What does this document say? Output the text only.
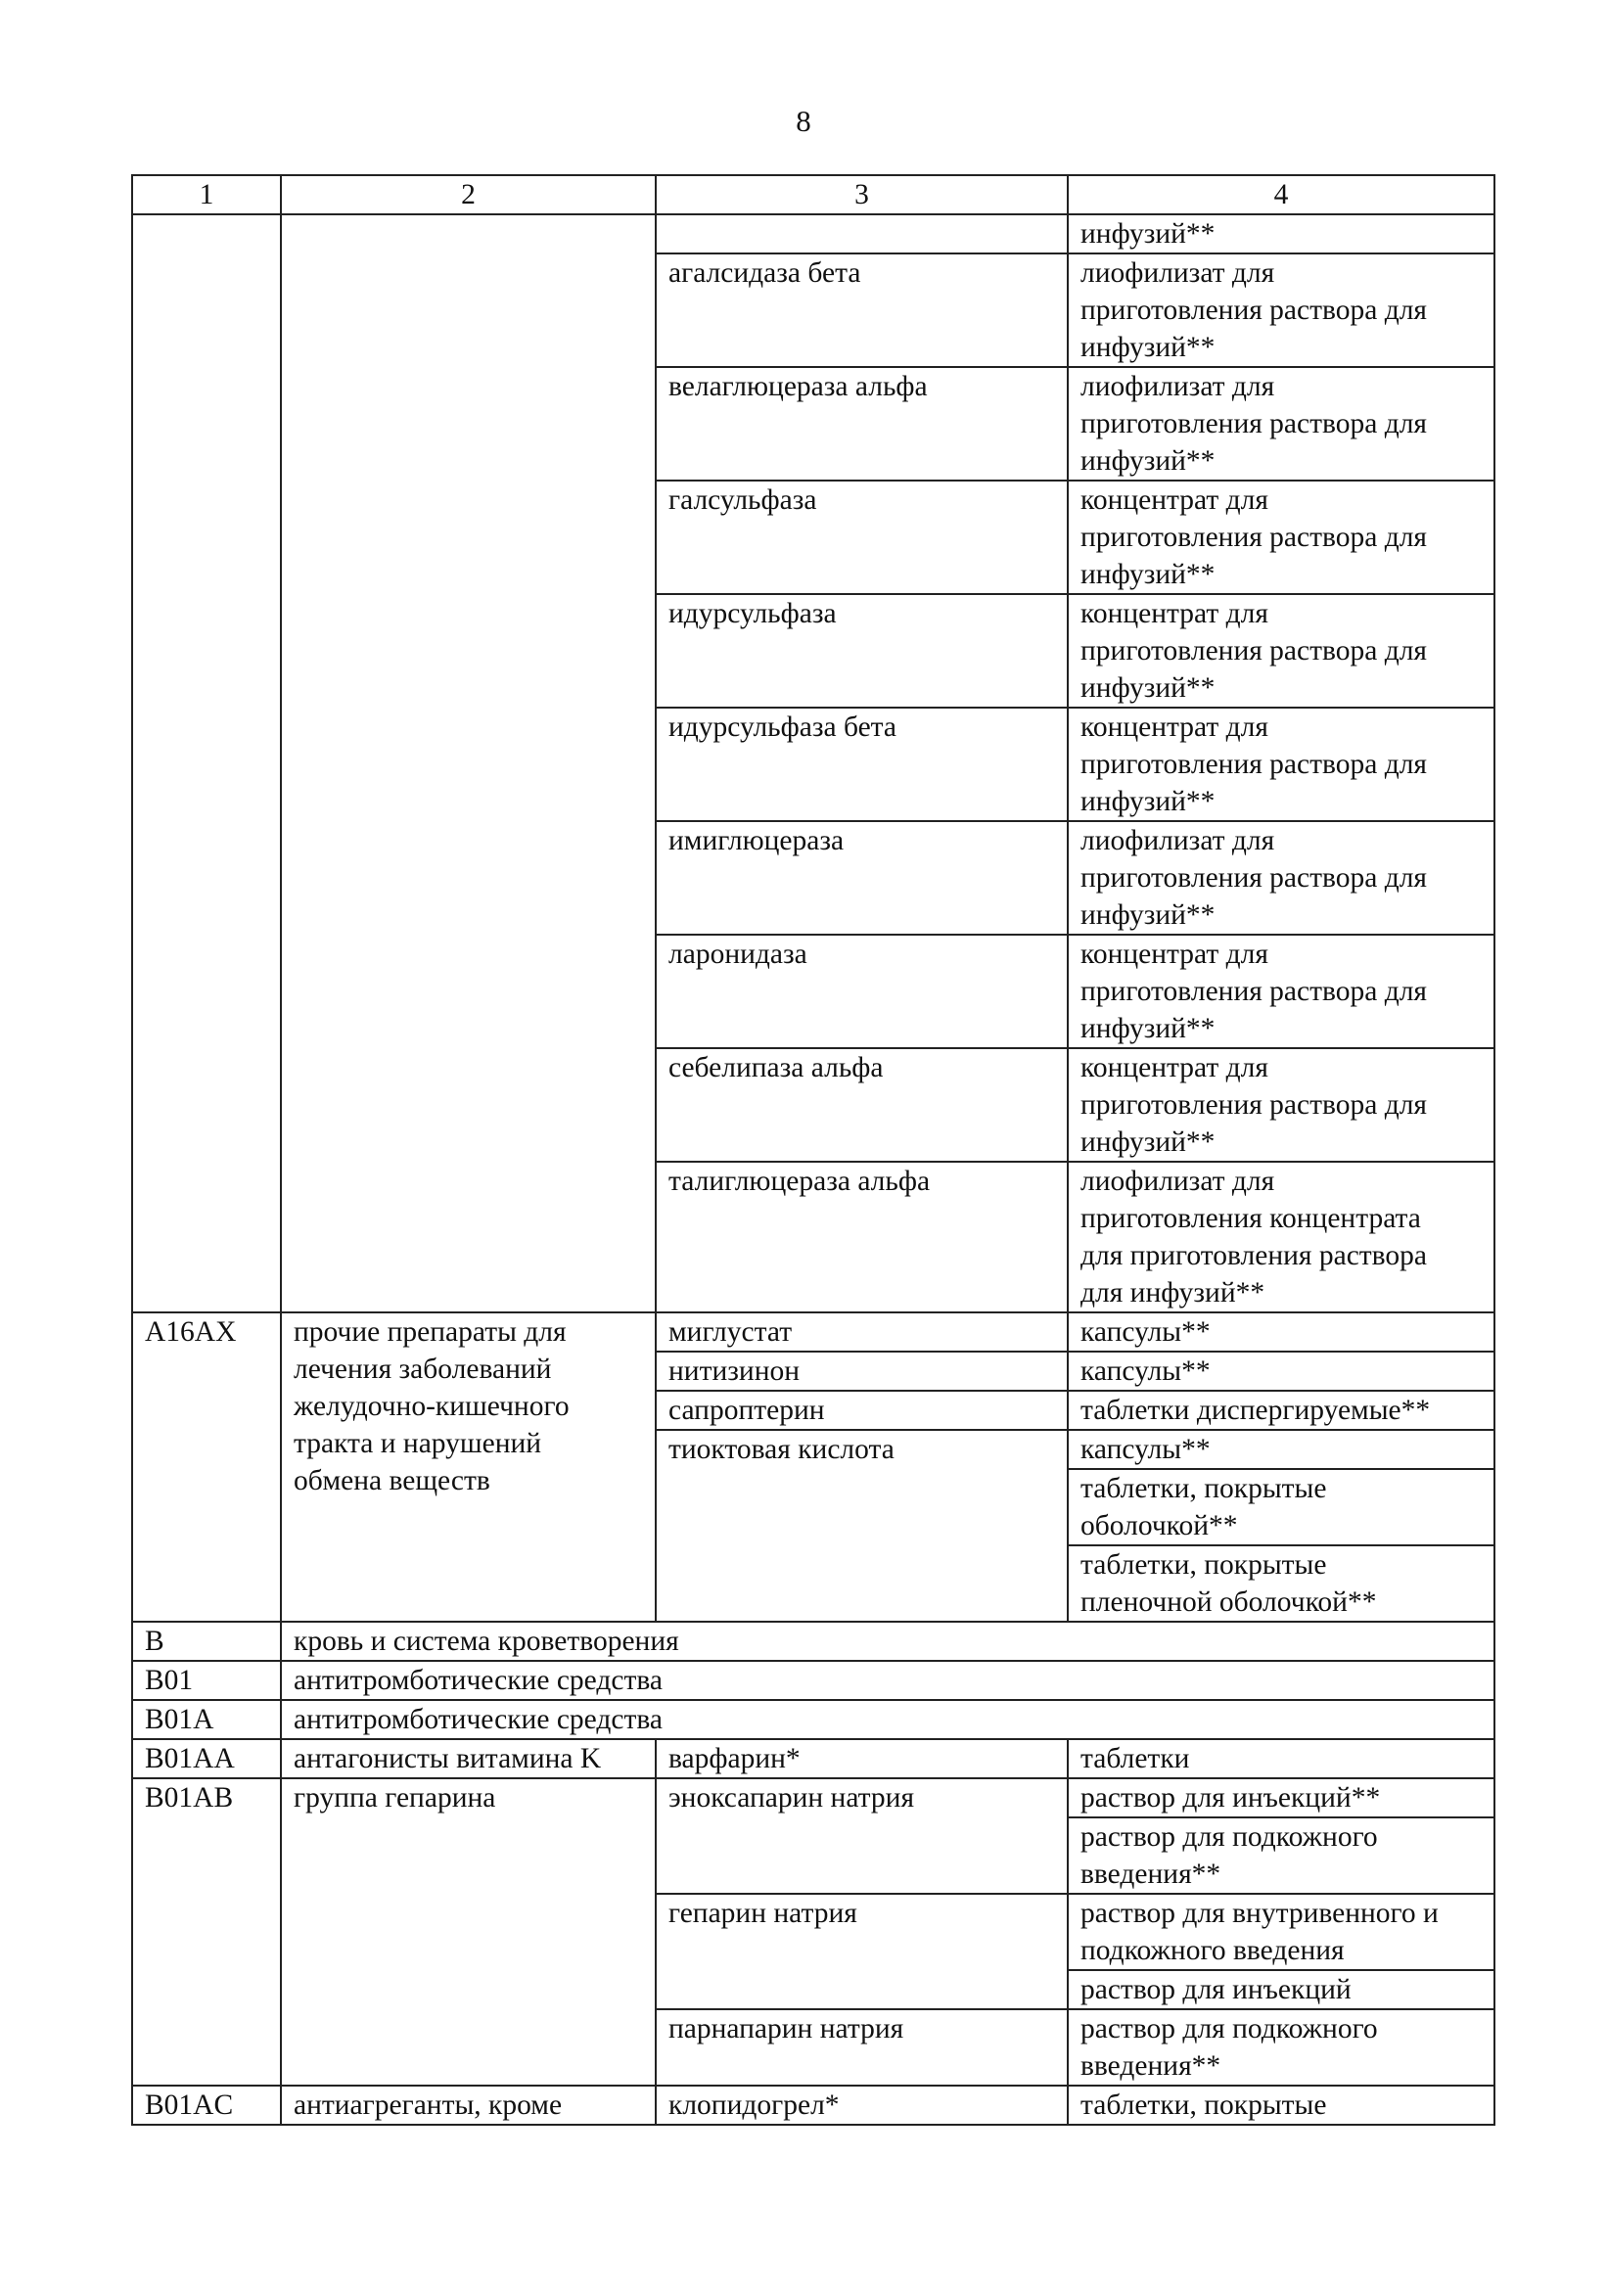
8
1	2	3	4
			инфузий**
		агалсидаза бета	лиофилизат для
приготовления раствора для
инфузий**
		велаглюцераза альфа	лиофилизат для
приготовления раствора для
инфузий**
		галсульфаза	концентрат для
приготовления раствора для
инфузий**
		идурсульфаза	концентрат для
приготовления раствора для
инфузий**
		идурсульфаза бета	концентрат для
приготовления раствора для
инфузий**
		имиглюцераза	лиофилизат для
приготовления раствора для
инфузий**
		ларонидаза	концентрат для
приготовления раствора для
инфузий**
		себелипаза альфа	концентрат для
приготовления раствора для
инфузий**
		талиглюцераза альфа	лиофилизат для
приготовления концентрата
для приготовления раствора
для инфузий**
A16AX	прочие препараты для
лечения заболеваний
желудочно-кишечного
тракта и нарушений
обмена веществ	миглустат	капсулы**
		нитизинон	капсулы**
		сапроптерин	таблетки диспергируемые**
		тиоктовая кислота	капсулы**
			таблетки, покрытые
оболочкой**
			таблетки, покрытые
пленочной оболочкой**
B	кровь и система кроветворения		
B01	антитромботические средства		
B01A	антитромботические средства		
B01AA	антагонисты витамина K	варфарин*	таблетки
B01AB	группа гепарина	эноксапарин натрия	раствор для инъекций**
			раствор для подкожного
введения**
		гепарин натрия	раствор для внутривенного и
подкожного введения
			раствор для инъекций
		парнапарин натрия	раствор для подкожного
введения**
B01AC	антиагреганты, кроме	клопидогрел*	таблетки, покрытые
